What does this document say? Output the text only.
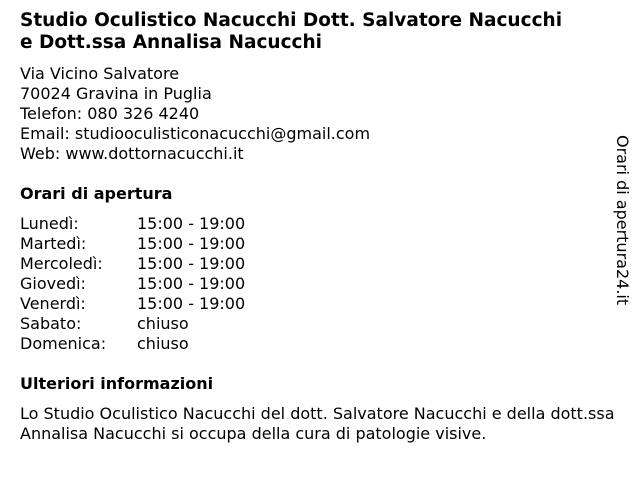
Studio Oculistico Nacucchi Dott. Salvatore Nacucchi
e Dott.ssa Annalisa Nacucchi
Via Vicino Salvatore
70024 Gravina in Puglia
Telefon: 080 326 4240
Email: studiooculisticonacucchi@gmail.com
Web: www.dottornacucchi.it
Orari di apertura
Lunedì:	15:00 - 19:00
Martedì:	15:00 - 19:00
Mercoledì:	15:00 - 19:00
Giovedì:	15:00 - 19:00
Venerdì:	15:00 - 19:00
Sabato:	chiuso
Domenica:	chiuso
Ulteriori informazioni

Lo Studio Oculistico Nacucchi del dott. Salvatore Nacucchi e della dott.ssa Annalisa Nacucchi si occupa della cura di patologie visive.

Orari di apertura24.it
